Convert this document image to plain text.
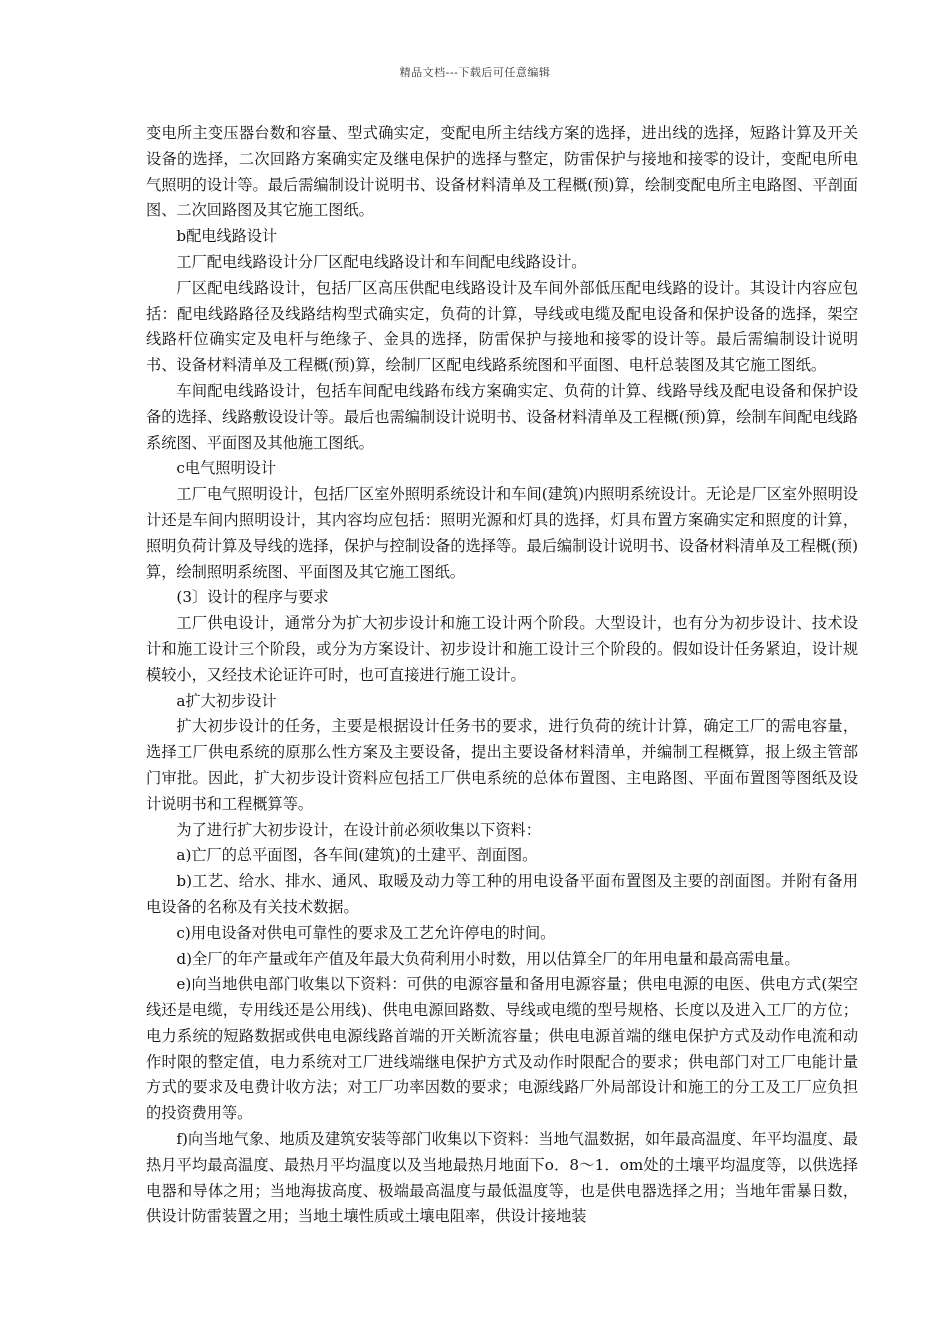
精品文档---下载后可任意编辑

变电所主变压器台数和容量、型式确实定，变配电所主结线方案的选择，进出线的选择，短路计算及开关设备的选择，二次回路方案确实定及继电保护的选择与整定，防雷保护与接地和接零的设计，变配电所电气照明的设计等。最后需编制设计说明书、设备材料清单及工程概(预)算，绘制变配电所主电路图、平剖面图、二次回路图及其它施工图纸。

b配电线路设计

工厂配电线路设计分厂区配电线路设计和车间配电线路设计。

厂区配电线路设计，包括厂区高压供配电线路设计及车间外部低压配电线路的设计。其设计内容应包括：配电线路路径及线路结构型式确实定，负荷的计算，导线或电缆及配电设备和保护设备的选择，架空线路杆位确实定及电杆与绝缘子、金具的选择，防雷保护与接地和接零的设计等。最后需编制设计说明书、设备材料清单及工程概(预)算，绘制厂区配电线路系统图和平面图、电杆总装图及其它施工图纸。

车间配电线路设计，包括车间配电线路布线方案确实定、负荷的计算、线路导线及配电设备和保护设备的选择、线路敷设设计等。最后也需编制设计说明书、设备材料清单及工程概(预)算，绘制车间配电线路系统图、平面图及其他施工图纸。

c电气照明设计

工厂电气照明设计，包括厂区室外照明系统设计和车间(建筑)内照明系统设计。无论是厂区室外照明设计还是车间内照明设计，其内容均应包括：照明光源和灯具的选择，灯具布置方案确实定和照度的计算，照明负荷计算及导线的选择，保护与控制设备的选择等。最后编制设计说明书、设备材料清单及工程概(预)算，绘制照明系统图、平面图及其它施工图纸。

(3〕设计的程序与要求

工厂供电设计，通常分为扩大初步设计和施工设计两个阶段。大型设计，也有分为初步设计、技术设计和施工设计三个阶段，或分为方案设计、初步设计和施工设计三个阶段的。假如设计任务紧迫，设计规模较小，又经技术论证许可时，也可直接进行施工设计。

a扩大初步设计

扩大初步设计的任务，主要是根据设计任务书的要求，进行负荷的统计计算，确定工厂的需电容量，选择工厂供电系统的原那么性方案及主要设备，提出主要设备材料清单，并编制工程概算，报上级主管部门审批。因此，扩大初步设计资料应包括工厂供电系统的总体布置图、主电路图、平面布置图等图纸及设计说明书和工程概算等。

为了进行扩大初步设计，在设计前必须收集以下资料：

a)亡厂的总平面图，各车间(建筑)的土建平、剖面图。

b)工艺、给水、排水、通风、取暖及动力等工种的用电设备平面布置图及主要的剖面图。并附有备用电设备的名称及有关技术数据。

c)用电设备对供电可靠性的要求及工艺允许停电的时间。

d)全厂的年产量或年产值及年最大负荷利用小时数，用以估算全厂的年用电量和最高需电量。

e)向当地供电部门收集以下资料：可供的电源容量和备用电源容量；供电电源的电医、供电方式(架空线还是电缆，专用线还是公用线)、供电电源回路数、导线或电缆的型号规格、长度以及进入工厂的方位；电力系统的短路数据或供电电源线路首端的开关断流容量；供电电源首端的继电保护方式及动作电流和动作时限的整定值，电力系统对工厂进线端继电保护方式及动作时限配合的要求；供电部门对工厂电能计量方式的要求及电费计收方法；对工厂功率因数的要求；电源线路厂外局部设计和施工的分工及工厂应负担的投资费用等。

f)向当地气象、地质及建筑安装等部门收集以下资料：当地气温数据，如年最高温度、年平均温度、最热月平均最高温度、最热月平均温度以及当地最热月地面下o．8～1．om处的土壤平均温度等，以供选择电器和导体之用；当地海拔高度、极端最高温度与最低温度等，也是供电器选择之用；当地年雷暴日数，供设计防雷装置之用；当地土壤性质或土壤电阻率，供设计接地装
